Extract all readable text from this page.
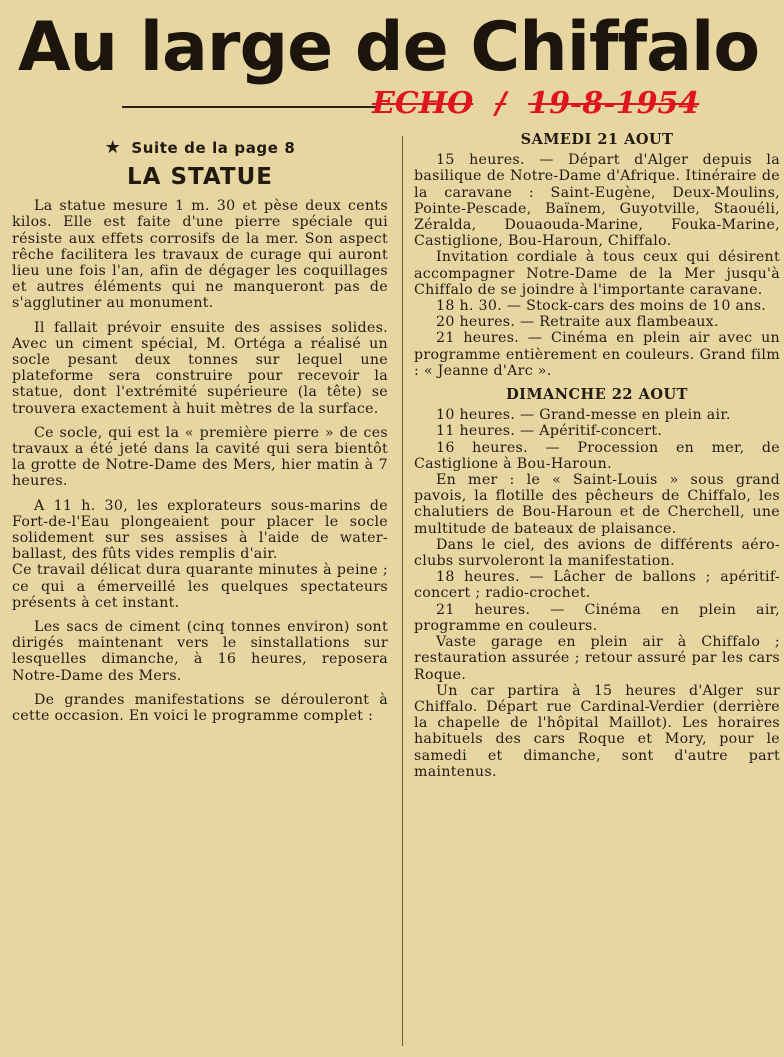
Au large de Chiffalo
ECHO / 19-8-1954
★ Suite de la page 8
LA STATUE

La statue mesure 1 m. 30 et pèse deux cents kilos. Elle est faite d'une pierre spéciale qui résiste aux effets corrosifs de la mer. Son aspect rêche facilitera les travaux de curage qui auront lieu une fois l'an, afin de dégager les coquillages et autres éléments qui ne manqueront pas de s'agglutiner au monument.

Il fallait prévoir ensuite des assises solides. Avec un ciment spécial, M. Ortéga a réalisé un socle pesant deux tonnes sur lequel une plateforme sera construire pour recevoir la statue, dont l'extrémité supérieure (la tête) se trouvera exactement à huit mètres de la surface.

Ce socle, qui est la « première pierre » de ces travaux a été jeté dans la cavité qui sera bientôt la grotte de Notre-Dame des Mers, hier matin à 7 heures.

A 11 h. 30, les explorateurs sous-marins de Fort-de-l'Eau plongeaient pour placer le socle solidement sur ses assises à l'aide de water-ballast, des fûts vides remplis d'air.

Ce travail délicat dura quarante minutes à peine ; ce qui a émerveillé les quelques spectateurs présents à cet instant.

Les sacs de ciment (cinq tonnes environ) sont dirigés maintenant vers le sinstallations sur lesquelles dimanche, à 16 heures, reposera Notre-Dame des Mers.

De grandes manifestations se dérouleront à cette occasion. En voici le programme complet :

SAMEDI 21 AOUT

15 heures. — Départ d'Alger depuis la basilique de Notre-Dame d'Afrique. Itinéraire de la caravane : Saint-Eugène, Deux-Moulins, Pointe-Pescade, Baïnem, Guyotville, Staouéli, Zéralda, Douaouda-Marine, Fouka-Marine, Castiglione, Bou-Haroun, Chiffalo.

Invitation cordiale à tous ceux qui désirent accompagner Notre-Dame de la Mer jusqu'à Chiffalo de se joindre à l'importante caravane.

18 h. 30. — Stock-cars des moins de 10 ans.

20 heures. — Retraite aux flambeaux.

21 heures. — Cinéma en plein air avec un programme entièrement en couleurs. Grand film : « Jeanne d'Arc ».

DIMANCHE 22 AOUT

10 heures. — Grand-messe en plein air.

11 heures. — Apéritif-concert.

16 heures. — Procession en mer, de Castiglione à Bou-Haroun.

En mer : le « Saint-Louis » sous grand pavois, la flotille des pêcheurs de Chiffalo, les chalutiers de Bou-Haroun et de Cherchell, une multitude de bateaux de plaisance.

Dans le ciel, des avions de différents aéro-clubs survoleront la manifestation.

18 heures. — Lâcher de ballons ; apéritif-concert ; radio-crochet.

21 heures. — Cinéma en plein air, programme en couleurs.

Vaste garage en plein air à Chiffalo ; restauration assurée ; retour assuré par les cars Roque.

Un car partira à 15 heures d'Alger sur Chiffalo. Départ rue Cardinal-Verdier (derrière la chapelle de l'hôpital Maillot). Les horaires habituels des cars Roque et Mory, pour le samedi et dimanche, sont d'autre part maintenus.
